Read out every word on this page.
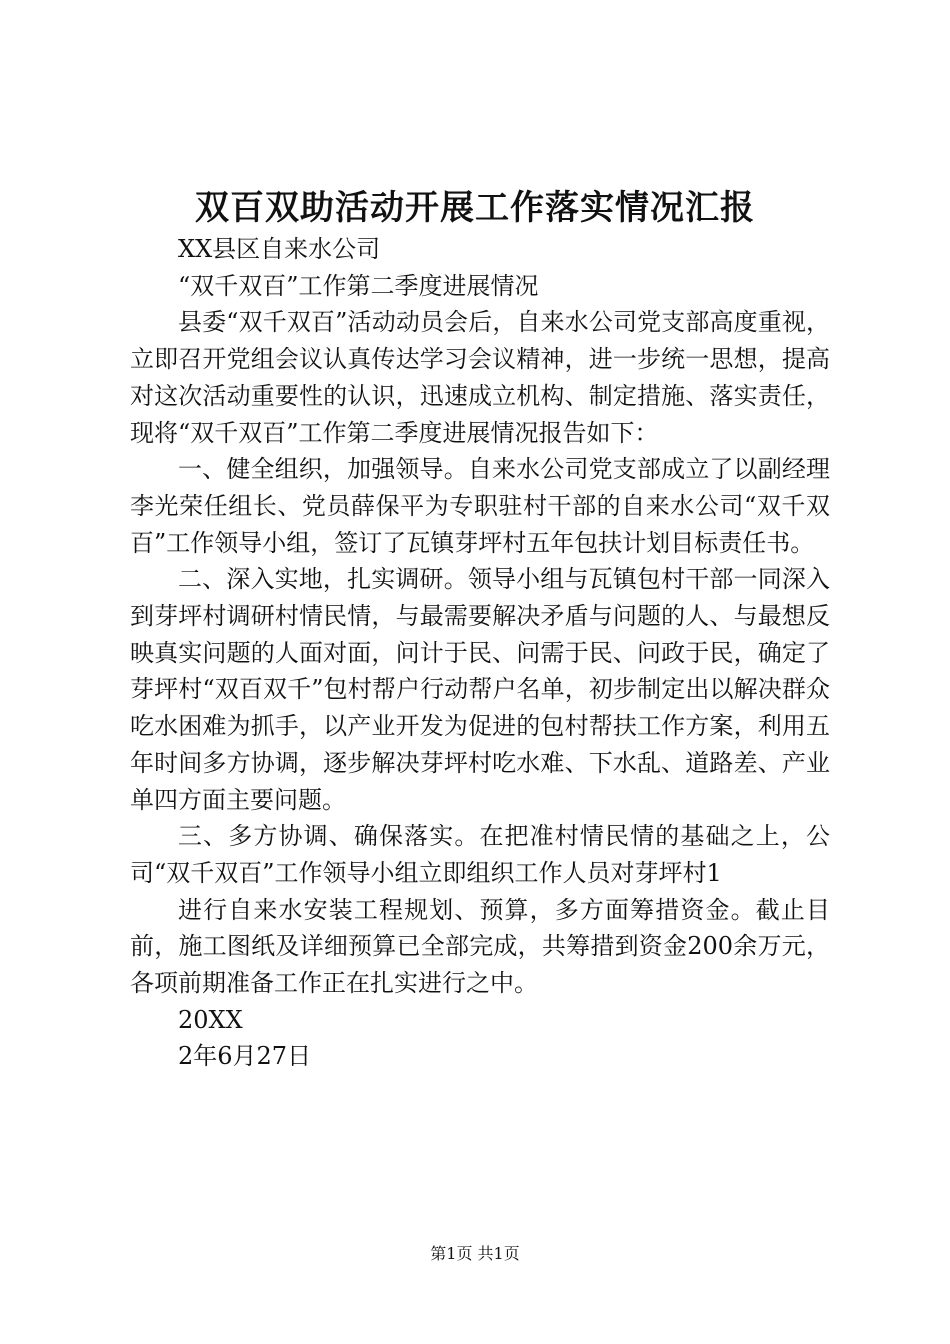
双百双助活动开展工作落实情况汇报

XX县区自来水公司

“双千双百”工作第二季度进展情况

县委“双千双百”活动动员会后，自来水公司党支部高度重视，立即召开党组会议认真传达学习会议精神，进一步统一思想，提高对这次活动重要性的认识，迅速成立机构、制定措施、落实责任，现将“双千双百”工作第二季度进展情况报告如下：

一、健全组织，加强领导。自来水公司党支部成立了以副经理李光荣任组长、党员薛保平为专职驻村干部的自来水公司“双千双百”工作领导小组，签订了瓦镇芽坪村五年包扶计划目标责任书。

二、深入实地，扎实调研。领导小组与瓦镇包村干部一同深入到芽坪村调研村情民情，与最需要解决矛盾与问题的人、与最想反映真实问题的人面对面，问计于民、问需于民、问政于民，确定了芽坪村“双百双千”包村帮户行动帮户名单，初步制定出以解决群众吃水困难为抓手，以产业开发为促进的包村帮扶工作方案，利用五年时间多方协调，逐步解决芽坪村吃水难、下水乱、道路差、产业单四方面主要问题。

三、多方协调、确保落实。在把准村情民情的基础之上，公司“双千双百”工作领导小组立即组织工作人员对芽坪村1

进行自来水安装工程规划、预算，多方面筹措资金。截止目前，施工图纸及详细预算已全部完成，共筹措到资金200余万元，各项前期准备工作正在扎实进行之中。

20XX

2年6月27日

第1页 共1页
